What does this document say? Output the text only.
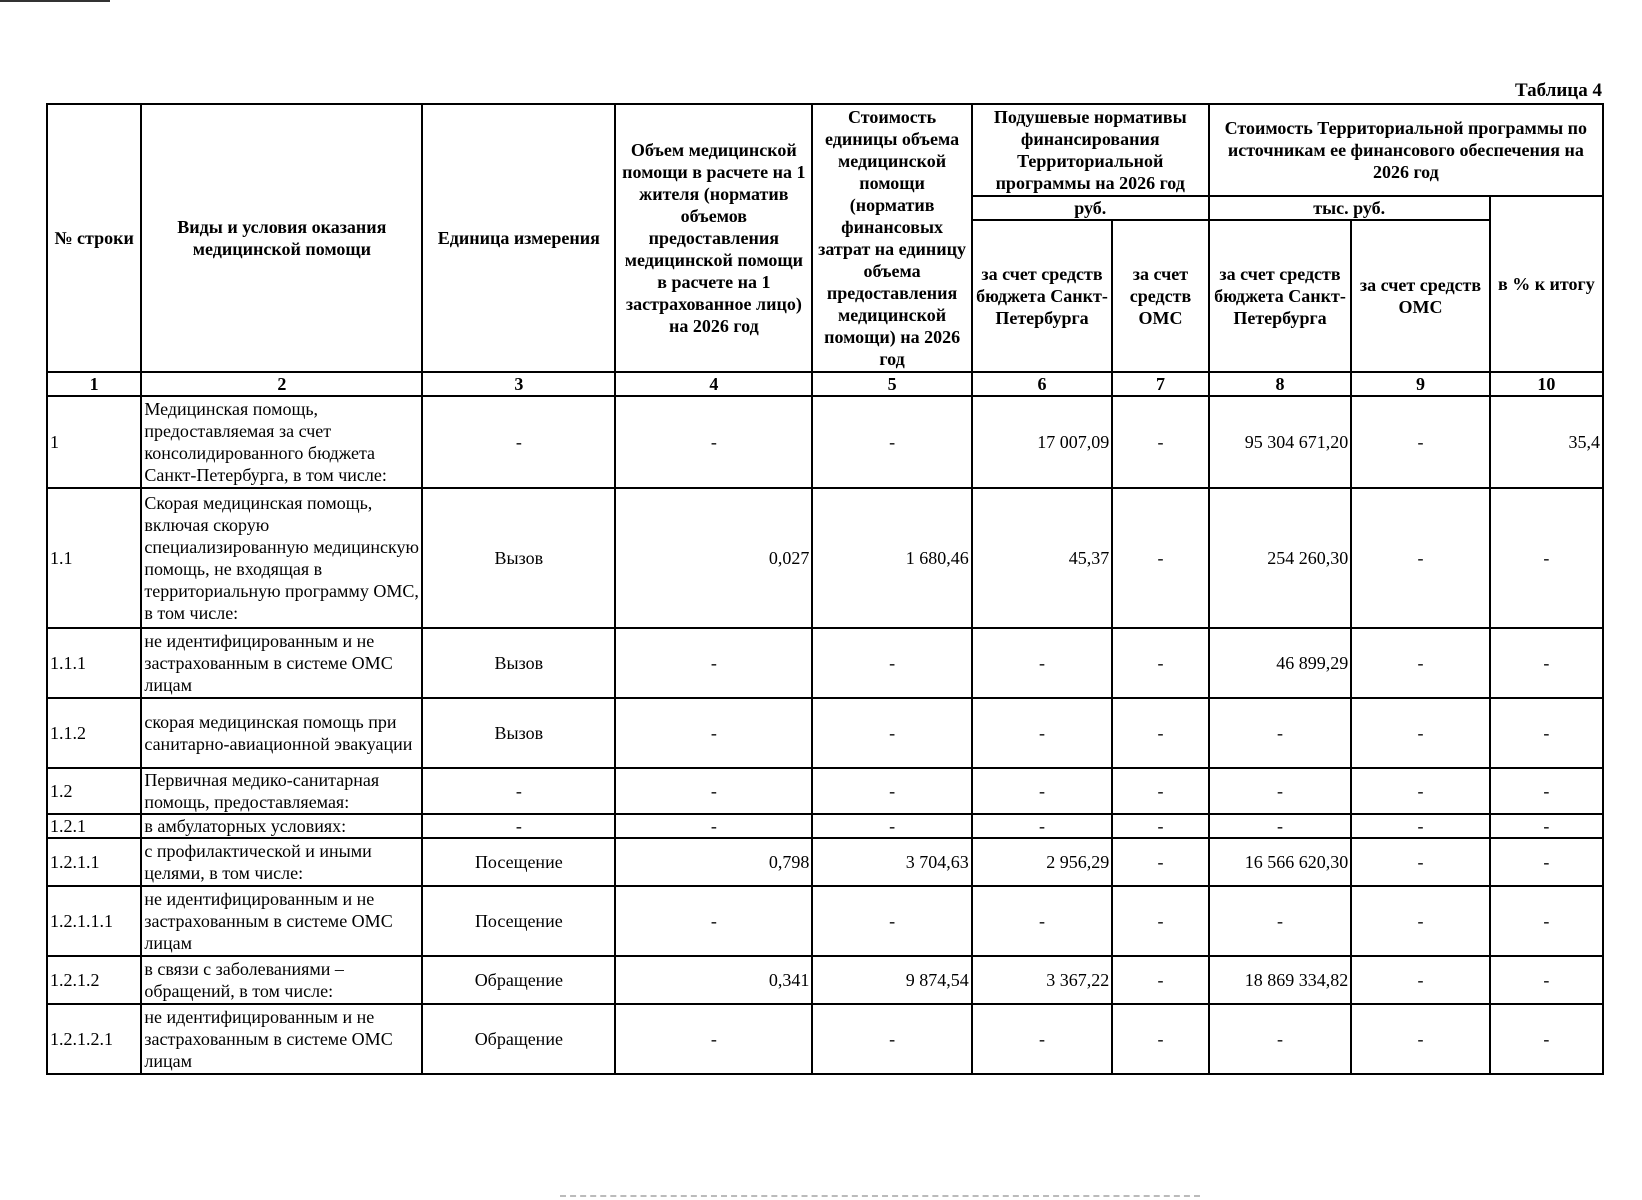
Таблица 4
№ строки	Виды и условия оказания медицинской помощи	Единица измерения	Объем медицинской помощи в расчете на 1 жителя (норматив объемов предоставления медицинской помощи в расчете на 1 застрахованное лицо) на 2026 год	Стоимость единицы объема медицинской помощи (норматив финансовых затрат на единицу объема предоставления медицинской помощи) на 2026 год	Подушевые нормативы финансирования Территориальной программы на 2026 год		Стоимость Территориальной программы по источникам ее финансового обеспечения на 2026 год		
					руб.		тыс. руб.		в % к итогу
					за счет средств бюджета Санкт-Петербурга	за счет средств ОМС	за счет средств бюджета Санкт-Петербурга	за счет средств ОМС	
1	2	3	4	5	6	7	8	9	10
1	Медицинская помощь, предоставляемая за счет консолидированного бюджета Санкт-Петербурга, в том числе:	-	-	-	17 007,09	-	95 304 671,20	-	35,4
1.1	Скорая медицинская помощь, включая скорую специализированную медицинскую помощь, не входящая в территориальную программу ОМС, в том числе:	Вызов	0,027	1 680,46	45,37	-	254 260,30	-	-
1.1.1	не идентифицированным и не застрахованным в системе ОМС лицам	Вызов	-	-	-	-	46 899,29	-	-
1.1.2	скорая медицинская помощь при санитарно-авиационной эвакуации	Вызов	-	-	-	-	-	-	-
1.2	Первичная медико-санитарная помощь, предоставляемая:	-	-	-	-	-	-	-	-
1.2.1	в амбулаторных условиях:	-	-	-	-	-	-	-	-
1.2.1.1	с профилактической и иными целями, в том числе:	Посещение	0,798	3 704,63	2 956,29	-	16 566 620,30	-	-
1.2.1.1.1	не идентифицированным и не застрахованным в системе ОМС лицам	Посещение	-	-	-	-	-	-	-
1.2.1.2	в связи с заболеваниями – обращений, в том числе:	Обращение	0,341	9 874,54	3 367,22	-	18 869 334,82	-	-
1.2.1.2.1	не идентифицированным и не застрахованным в системе ОМС лицам	Обращение	-	-	-	-	-	-	-
